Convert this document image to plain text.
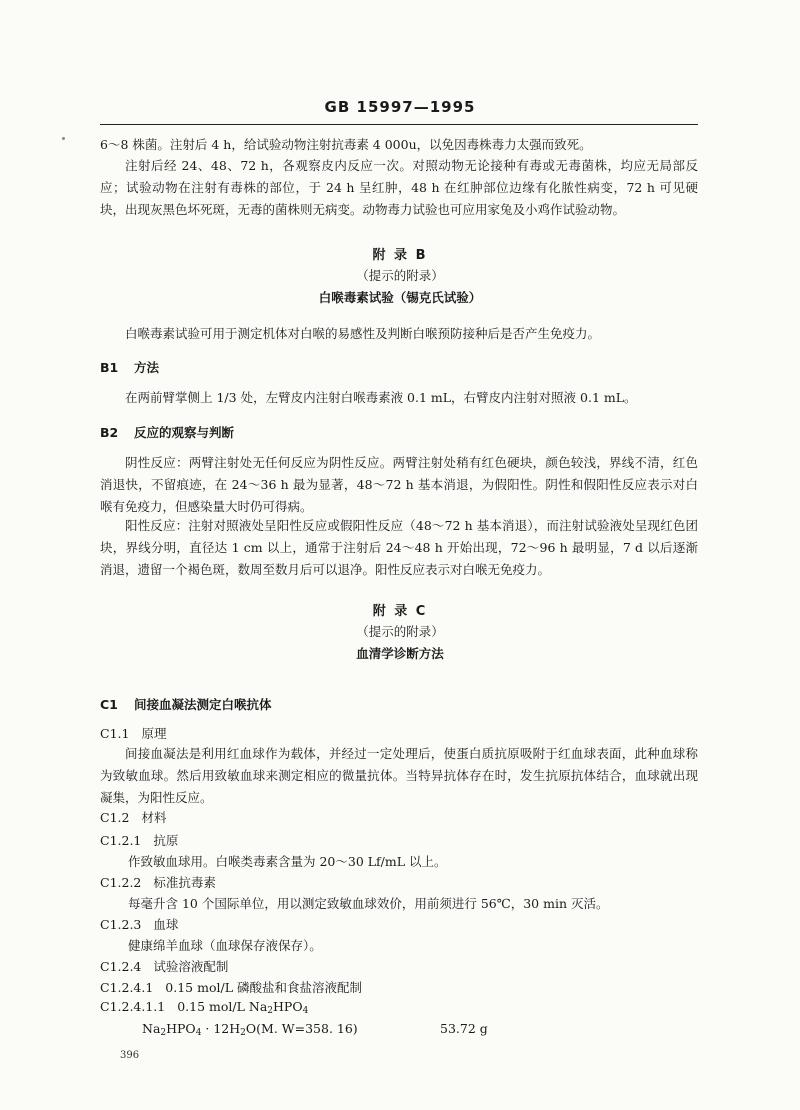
GB 15997—1995
6～8 株菌。注射后 4 h，给试验动物注射抗毒素 4 000u，以免因毒株毒力太强而致死。
注射后经 24、48、72 h，各观察皮内反应一次。对照动物无论接种有毒或无毒菌株，均应无局部反应；试验动物在注射有毒株的部位，于 24 h 呈红肿，48 h 在红肿部位边缘有化脓性病变，72 h 可见硬块，出现灰黑色坏死斑，无毒的菌株则无病变。动物毒力试验也可应用家兔及小鸡作试验动物。
附 录 B
（提示的附录）
白喉毒素试验（锡克氏试验）
白喉毒素试验可用于测定机体对白喉的易感性及判断白喉预防接种后是否产生免疫力。
B1 方法
在两前臂掌侧上 1/3 处，左臂皮内注射白喉毒素液 0.1 mL，右臂皮内注射对照液 0.1 mL。
B2 反应的观察与判断
阴性反应：两臂注射处无任何反应为阴性反应。两臂注射处稍有红色硬块，颜色较浅，界线不清，红色消退快，不留痕迹，在 24～36 h 最为显著，48～72 h 基本消退，为假阳性。阴性和假阳性反应表示对白喉有免疫力，但感染量大时仍可得病。
阳性反应：注射对照液处呈阳性反应或假阳性反应（48～72 h 基本消退），而注射试验液处呈现红色团块，界线分明，直径达 1 cm 以上，通常于注射后 24～48 h 开始出现，72～96 h 最明显，7 d 以后逐渐消退，遗留一个褐色斑，数周至数月后可以退净。阳性反应表示对白喉无免疫力。
附 录 C
（提示的附录）
血清学诊断方法
C1 间接血凝法测定白喉抗体
C1.1 原理
间接血凝法是利用红血球作为载体，并经过一定处理后，使蛋白质抗原吸附于红血球表面，此种血球称为致敏血球。然后用致敏血球来测定相应的微量抗体。当特异抗体存在时，发生抗原抗体结合，血球就出现凝集，为阳性反应。
C1.2 材料
C1.2.1 抗原
作致敏血球用。白喉类毒素含量为 20～30 Lf/mL 以上。
C1.2.2 标准抗毒素
每毫升含 10 个国际单位，用以测定致敏血球效价，用前须进行 56℃，30 min 灭活。
C1.2.3 血球
健康绵羊血球（血球保存液保存）。
C1.2.4 试验溶液配制
C1.2.4.1 0.15 mol/L 磷酸盐和食盐溶液配制
C1.2.4.1.1 0.15 mol/L $Na_2HPO_4$
$Na_2HPO_4 \cdot 12H_2O(M$. W=358. 16)	53.72 g
396
